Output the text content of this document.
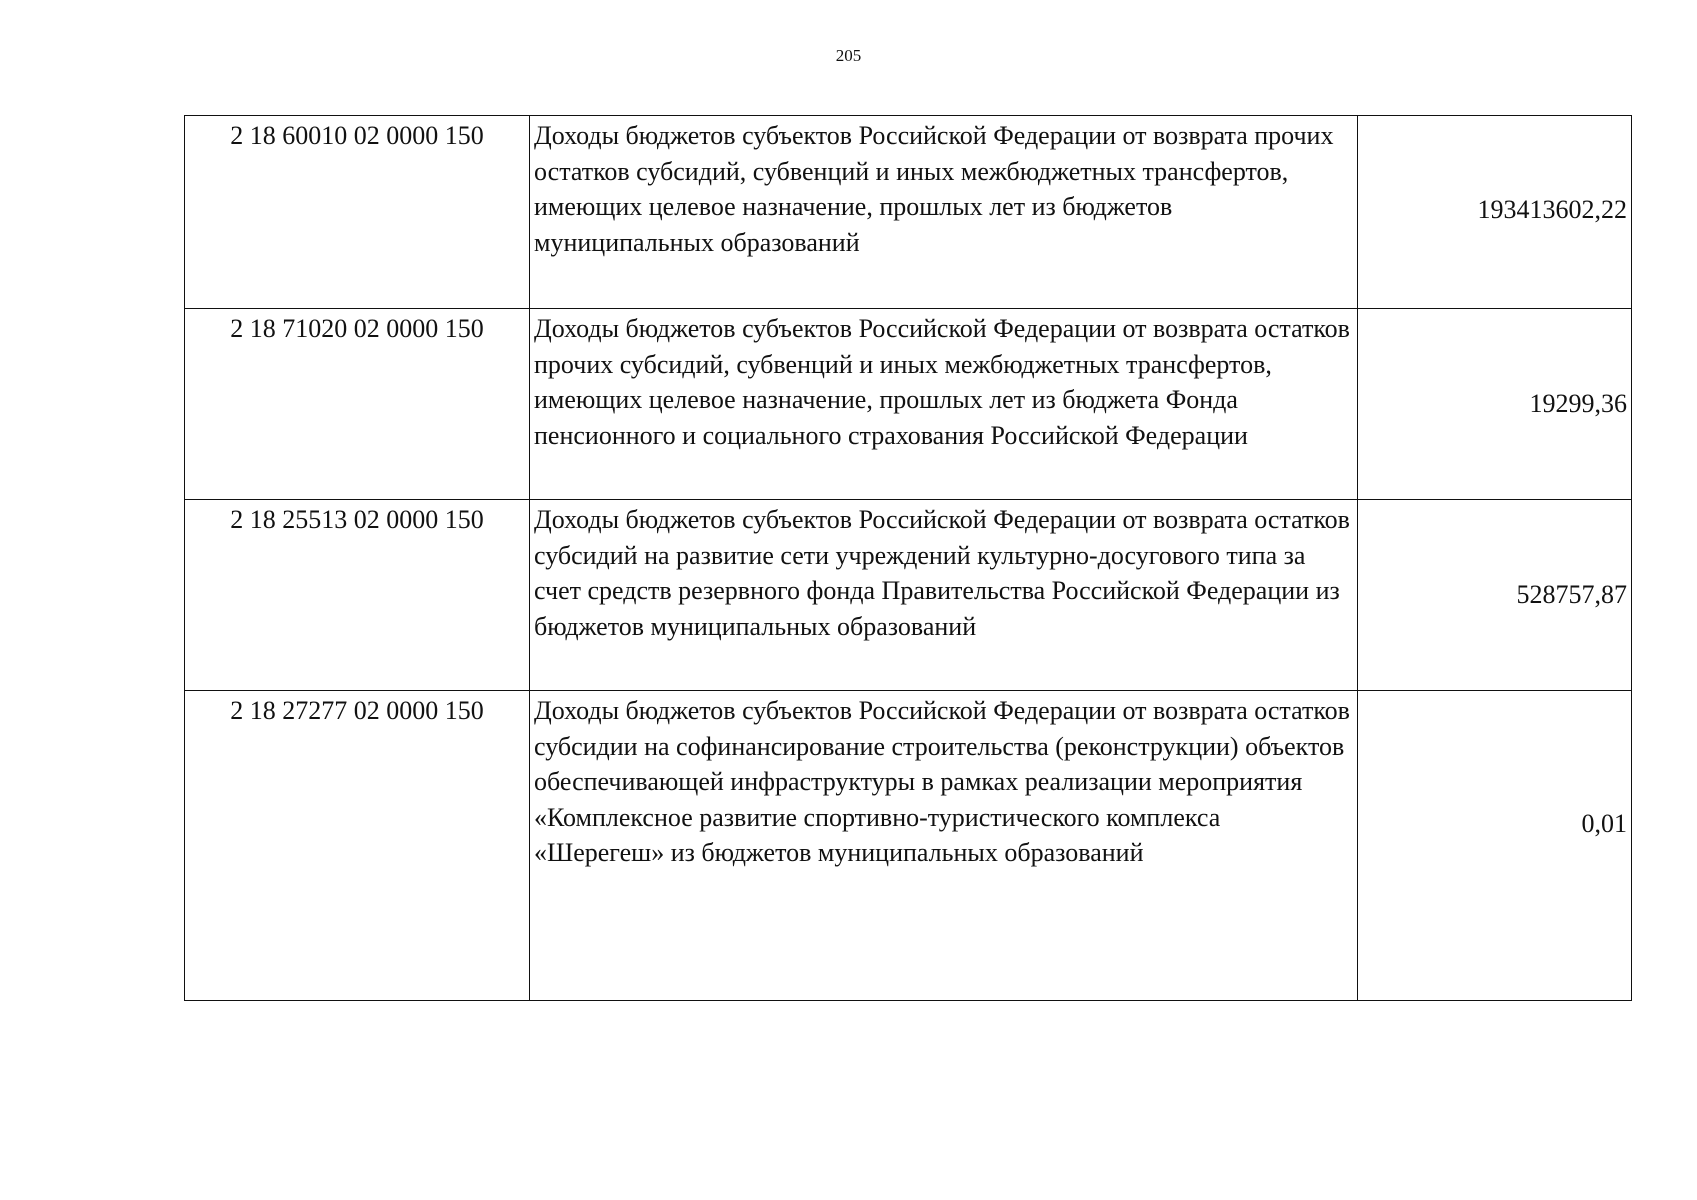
205
2 18 60010 02 0000 150	Доходы бюджетов субъектов Российской Федерации от возврата прочих остатков субсидий, субвенций и иных межбюджетных трансфертов, имеющих целевое назначение, прошлых лет из бюджетов муниципальных образований	193413602,22
2 18 71020 02 0000 150	Доходы бюджетов субъектов Российской Федерации от возврата остатков прочих субсидий, субвенций и иных межбюджетных трансфертов, имеющих целевое назначение, прошлых лет из бюджета Фонда пенсионного и социального страхования Российской Федерации	19299,36
2 18 25513 02 0000 150	Доходы бюджетов субъектов Российской Федерации от возврата остатков субсидий на развитие сети учреждений культурно-досугового типа за счет средств резервного фонда Правительства Российской Федерации из бюджетов муниципальных образований	528757,87
2 18 27277 02 0000 150	Доходы бюджетов субъектов Российской Федерации от возврата остатков субсидии на софинансирование строительства (реконструкции) объектов обеспечивающей инфраструктуры в рамках реализации мероприятия «Комплексное развитие спортивно-туристического комплекса «Шерегеш» из бюджетов муниципальных образований	0,01
